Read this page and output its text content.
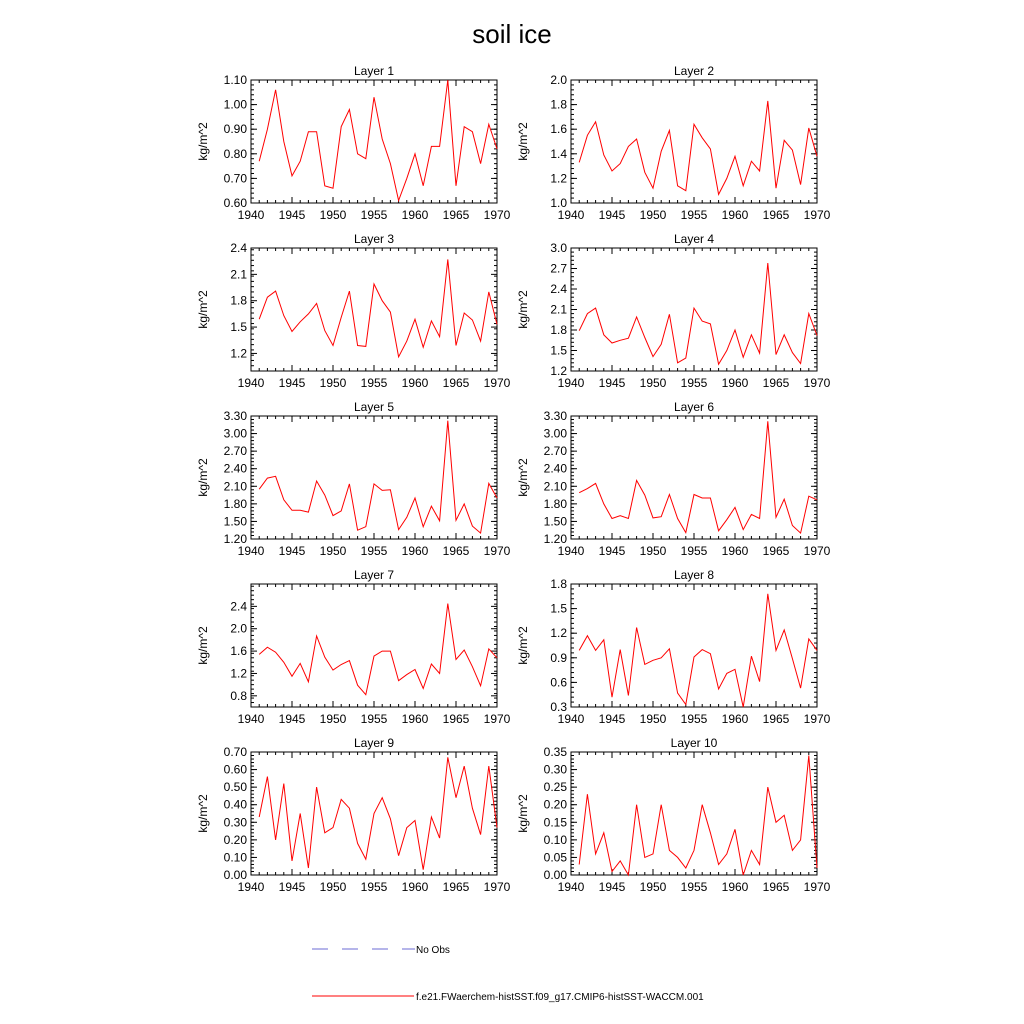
soil ice
Layer 1
kg/m^2
1940 1945 1950 1955 1960 1965 1970
0.60
0.70
0.80
0.90
1.00
1.10
Layer 2
kg/m^2
1940 1945 1950 1955 1960 1965 1970
1.0
1.2
1.4
1.6
1.8
2.0
Layer 3
kg/m^2
1940 1945 1950 1955 1960 1965 1970
1.2
1.5
1.8
2.1
2.4
Layer 4
kg/m^2
1940 1945 1950 1955 1960 1965 1970
1.2
1.5
1.8
2.1
2.4
2.7
3.0
Layer 5
kg/m^2
1940 1945 1950 1955 1960 1965 1970
1.20
1.50
1.80
2.10
2.40
2.70
3.00
3.30
Layer 6
kg/m^2
1940 1945 1950 1955 1960 1965 1970
1.20
1.50
1.80
2.10
2.40
2.70
3.00
3.30
Layer 7
kg/m^2
1940 1945 1950 1955 1960 1965 1970
0.8
1.2
1.6
2.0
2.4
Layer 8
kg/m^2
1940 1945 1950 1955 1960 1965 1970
0.3
0.6
0.9
1.2
1.5
1.8
Layer 9
kg/m^2
1940 1945 1950 1955 1960 1965 1970
0.00
0.10
0.20
0.30
0.40
0.50
0.60
0.70
Layer 10
kg/m^2
1940 1945 1950 1955 1960 1965 1970
0.00
0.05
0.10
0.15
0.20
0.25
0.30
0.35
No Obs
f.e21.FWaerchem-histSST.f09_g17.CMIP6-histSST-WACCM.001
